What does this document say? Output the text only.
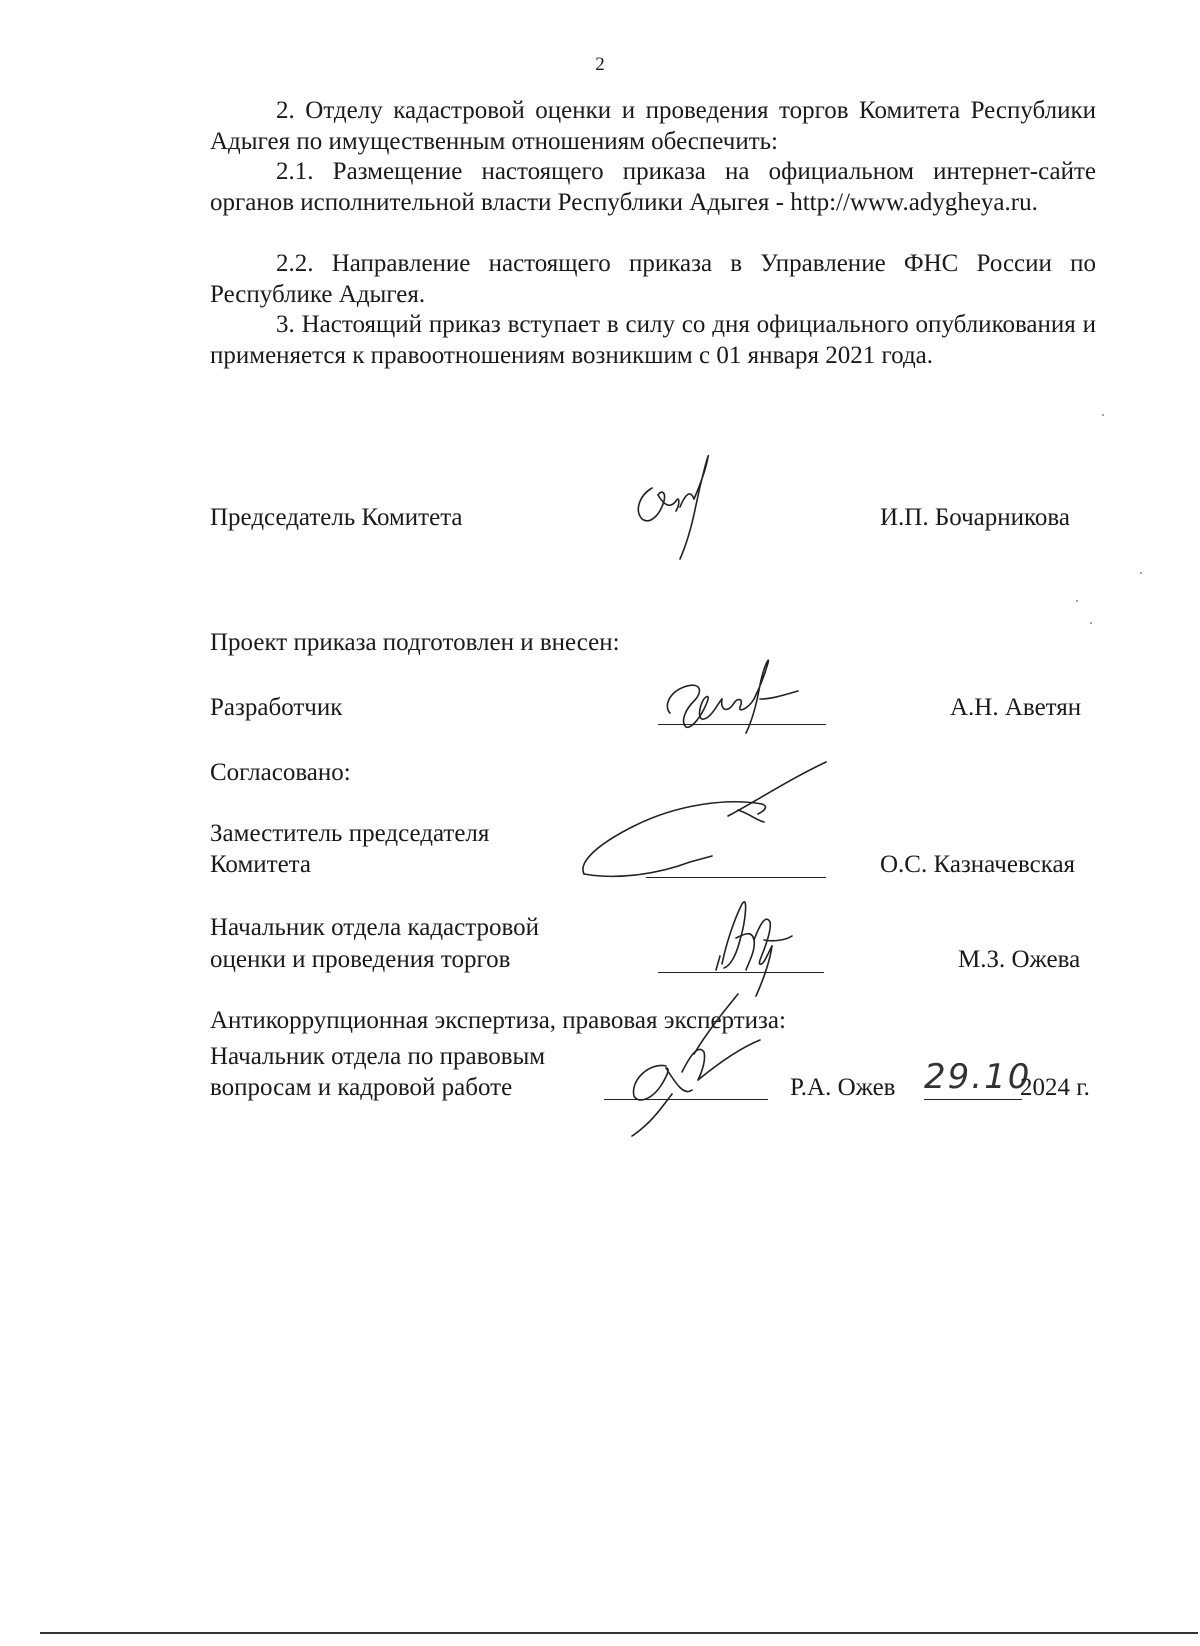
2
2. Отделу кадастровой оценки и проведения торгов Комитета Республики Адыгея по имущественным отношениям обеспечить:
2.1. Размещение настоящего приказа на официальном интернет-сайте органов исполнительной власти Республики Адыгея - http://www.adygheya.ru.
2.2. Направление настоящего приказа в Управление ФНС России по Республике Адыгея.
3. Настоящий приказ вступает в силу со дня официального опубликования и применяется к правоотношениям возникшим с 01 января 2021 года.
Председатель Комитета	И.П. Бочарникова
Проект приказа подготовлен и внесен:
Разработчик	А.Н. Аветян
Согласовано:
Заместитель председателя
Комитета	О.С. Казначевская
Начальник отдела кадастровой
оценки и проведения торгов	М.З. Ожева
Антикоррупционная экспертиза, правовая экспертиза:
Начальник отдела по правовым
вопросам и кадровой работе	Р.А. Ожев 29.10
2024 г.
